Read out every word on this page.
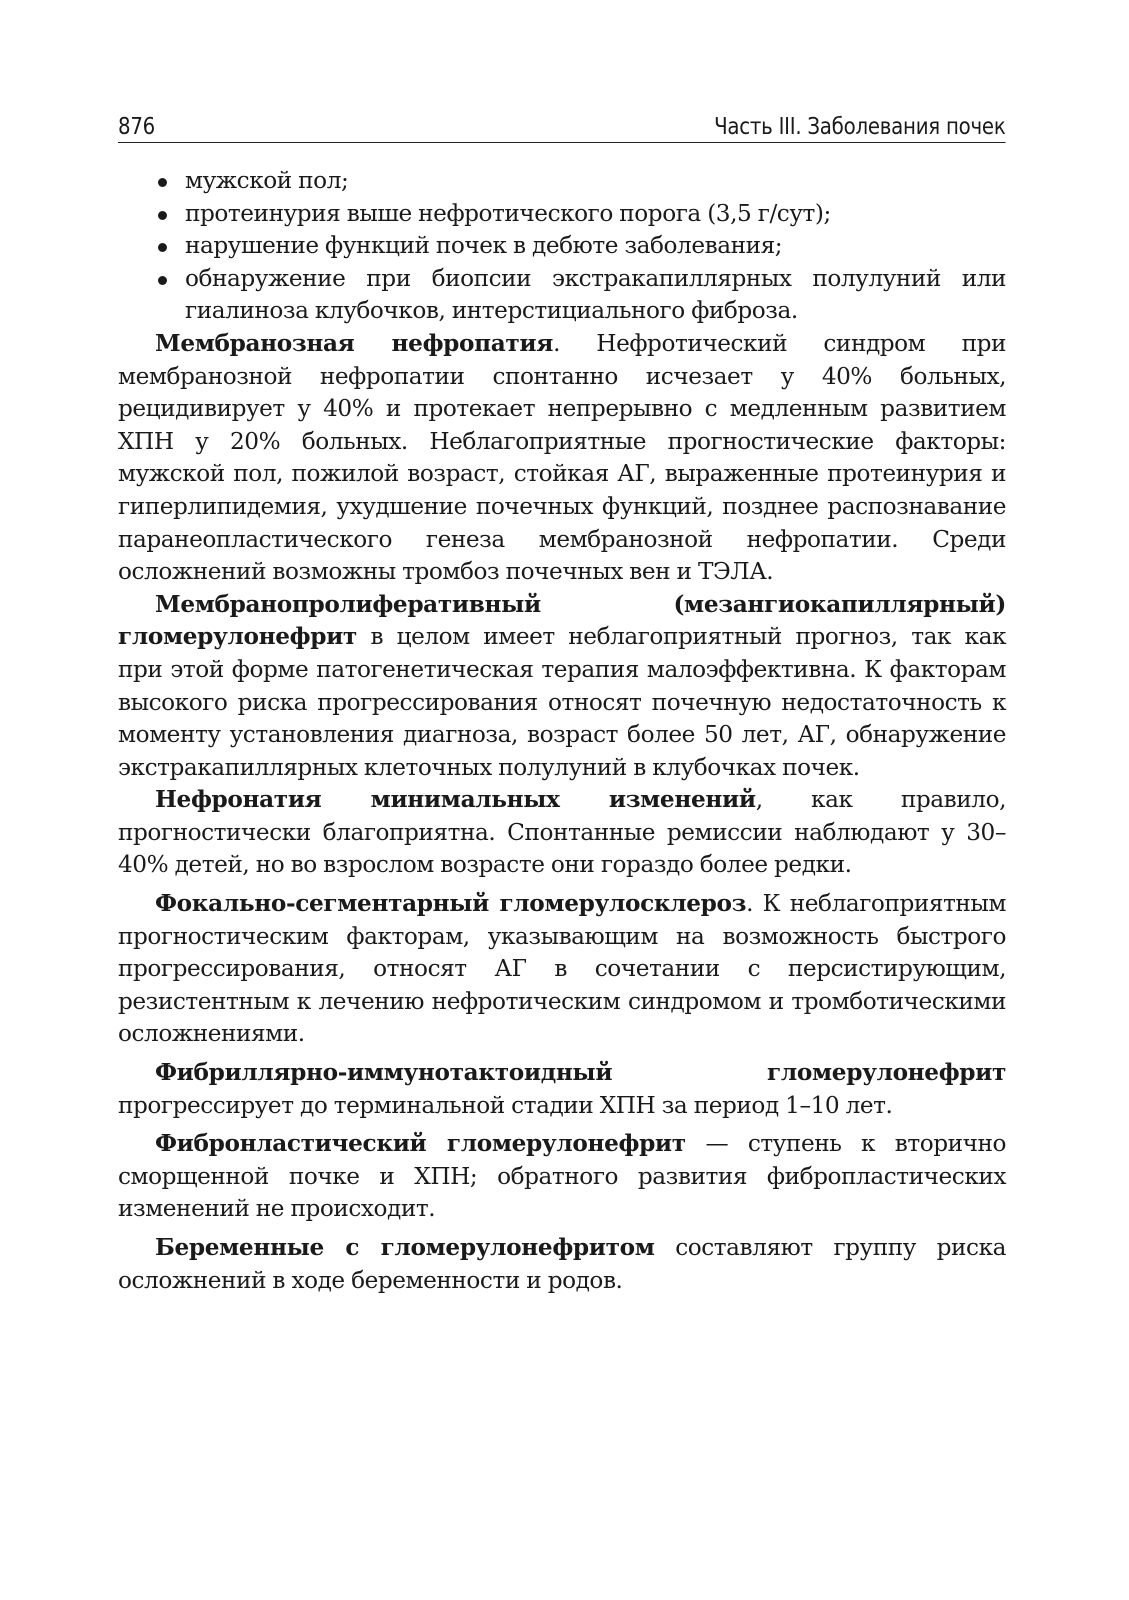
876	Часть III. Заболевания почек
мужской пол;
протеинурия выше нефротического порога (3,5 г/сут);
нарушение функций почек в дебюте заболевания;
обнаружение при биопсии экстракапиллярных полулуний или гиалиноза клубочков, интерстициального фиброза.

Мембранозная нефропатия. Нефротический синдром при мембранозной нефропатии спонтанно исчезает у 40% больных, рецидивирует у 40% и протекает непрерывно с медленным развитием ХПН у 20% больных. Неблагоприятные прогностические факторы: мужской пол, пожилой возраст, стойкая АГ, выраженные протеинурия и гиперлипидемия, ухудшение почечных функций, позднее распознавание паранеопластического генеза мембранозной нефропатии. Среди осложнений возможны тромбоз почечных вен и ТЭЛА.

Мембранопролиферативный (мезангиокапиллярный) гломерулонефрит в целом имеет неблагоприятный прогноз, так как при этой форме патогенетическая терапия малоэффективна. К факторам высокого риска прогрессирования относят почечную недостаточность к моменту установления диагноза, возраст более 50 лет, АГ, обнаружение экстракапиллярных клеточных полулуний в клубочках почек.

Нефронатия минимальных изменений, как правило, прогностически благоприятна. Спонтанные ремиссии наблюдают у 30–40% детей, но во взрослом возрасте они гораздо более редки.

Фокально-сегментарный гломерулосклероз. К неблагоприятным прогностическим факторам, указывающим на возможность быстрого прогрессирования, относят АГ в сочетании с персистирующим, резистентным к лечению нефротическим синдромом и тромботическими осложнениями.

Фибриллярно-иммунотактоидный гломерулонефрит прогрессирует до терминальной стадии ХПН за период 1–10 лет.

Фибронластический гломерулонефрит — ступень к вторично сморщенной почке и ХПН; обратного развития фибропластических изменений не происходит.

Беременные с гломерулонефритом составляют группу риска осложнений в ходе беременности и родов.
